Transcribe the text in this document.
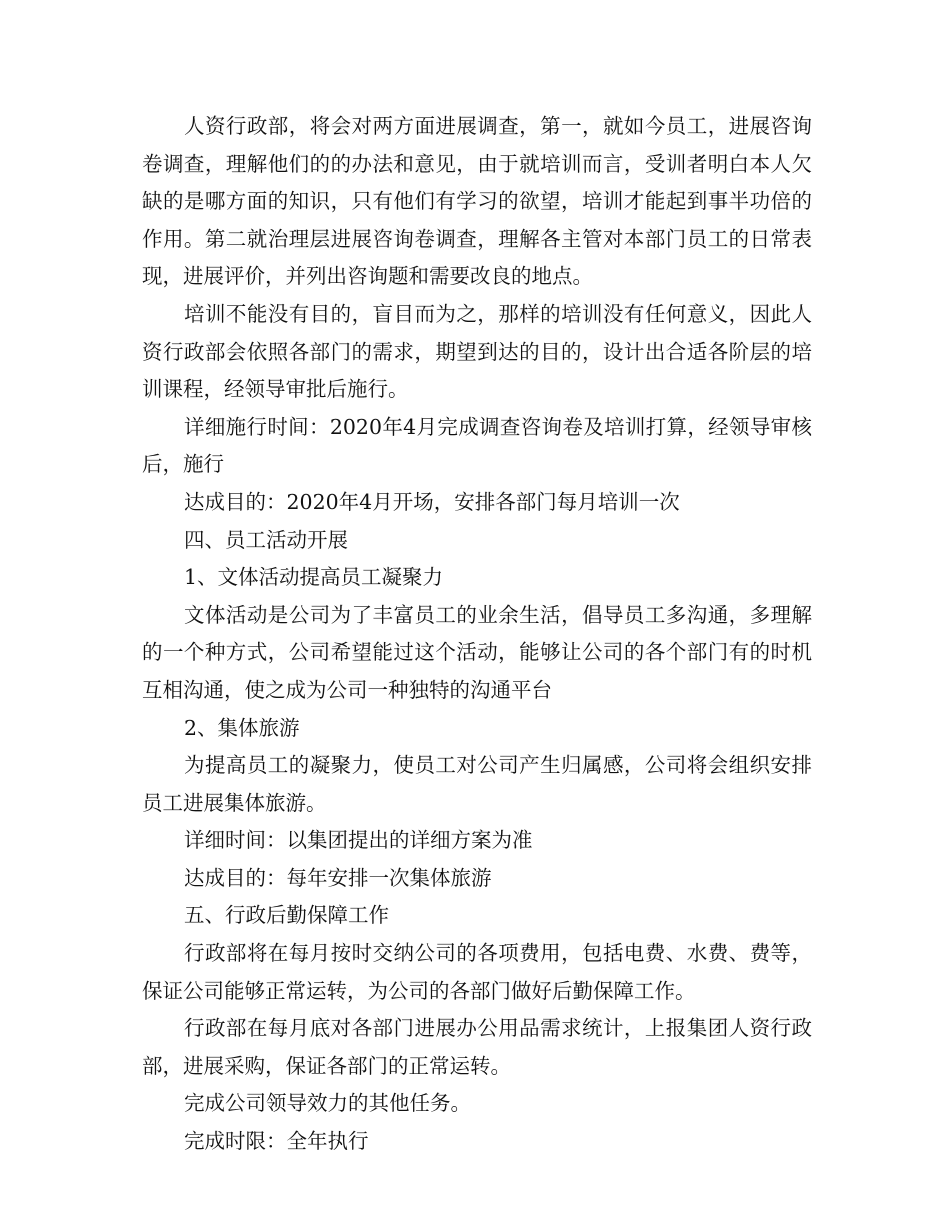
人资行政部，将会对两方面进展调查，第一，就如今员工，进展咨询卷调查，理解他们的的办法和意见，由于就培训而言，受训者明白本人欠缺的是哪方面的知识，只有他们有学习的欲望，培训才能起到事半功倍的作用。第二就治理层进展咨询卷调查，理解各主管对本部门员工的日常表现，进展评价，并列出咨询题和需要改良的地点。

培训不能没有目的，盲目而为之，那样的培训没有任何意义，因此人资行政部会依照各部门的需求，期望到达的目的，设计出合适各阶层的培训课程，经领导审批后施行。

详细施行时间：2020年4月完成调查咨询卷及培训打算，经领导审核后，施行

达成目的：2020年4月开场，安排各部门每月培训一次

四、员工活动开展

1、文体活动提高员工凝聚力

文体活动是公司为了丰富员工的业余生活，倡导员工多沟通，多理解的一个种方式，公司希望能过这个活动，能够让公司的各个部门有的时机互相沟通，使之成为公司一种独特的沟通平台

2、集体旅游

为提高员工的凝聚力，使员工对公司产生归属感，公司将会组织安排员工进展集体旅游。

详细时间：以集团提出的详细方案为准

达成目的：每年安排一次集体旅游

五、行政后勤保障工作

行政部将在每月按时交纳公司的各项费用，包括电费、水费、费等，保证公司能够正常运转，为公司的各部门做好后勤保障工作。

行政部在每月底对各部门进展办公用品需求统计，上报集团人资行政部，进展采购，保证各部门的正常运转。

完成公司领导效力的其他任务。

完成时限：全年执行
